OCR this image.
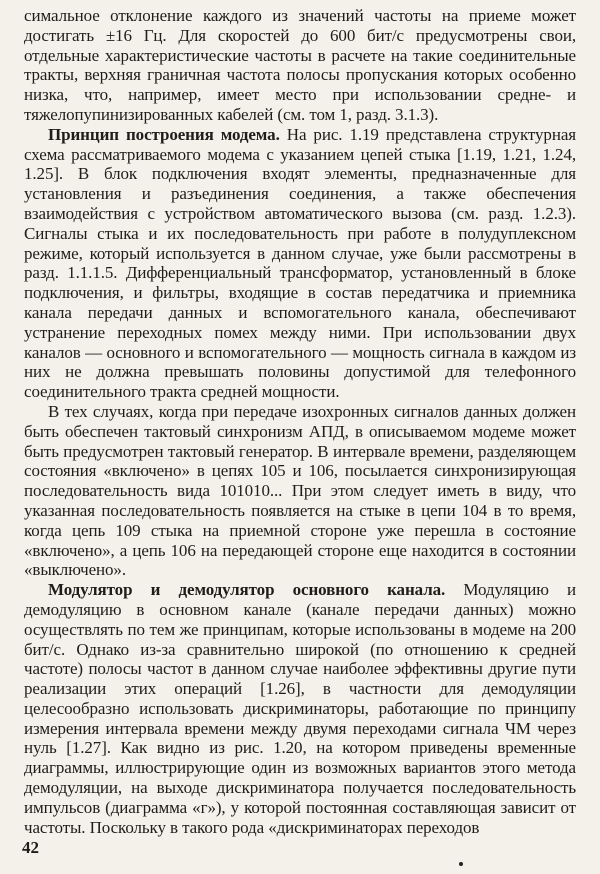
симальное отклонение каждого из значений частоты на приеме может достигать ±16 Гц. Для скоростей до 600 бит/с предусмотрены свои, отдельные характеристические частоты в расчете на такие соединительные тракты, верхняя граничная частота полосы пропускания которых особенно низка, что, например, имеет место при использовании средне- и тяжелопупинизированных кабелей (см. том 1, разд. 3.1.3).

Принцип построения модема. На рис. 1.19 представлена структурная схема рассматриваемого модема с указанием цепей стыка [1.19, 1.21, 1.24, 1.25]. В блок подключения входят элементы, предназначенные для установления и разъединения соединения, а также обеспечения взаимодействия с устройством автоматического вызова (см. разд. 1.2.3). Сигналы стыка и их последовательность при работе в полудуплексном режиме, который используется в данном случае, уже были рассмотрены в разд. 1.1.1.5. Дифференциальный трансформатор, установленный в блоке подключения, и фильтры, входящие в состав передатчика и приемника канала передачи данных и вспомогательного канала, обеспечивают устранение переходных помех между ними. При использовании двух каналов — основного и вспомогательного — мощность сигнала в каждом из них не должна превышать половины допустимой для телефонного соединительного тракта средней мощности.

В тех случаях, когда при передаче изохронных сигналов данных должен быть обеспечен тактовый синхронизм АПД, в описываемом модеме может быть предусмотрен тактовый генератор. В интервале времени, разделяющем состояния «включено» в цепях 105 и 106, посылается синхронизирующая последовательность вида 101010... При этом следует иметь в виду, что указанная последовательность появляется на стыке в цепи 104 в то время, когда цепь 109 стыка на приемной стороне уже перешла в состояние «включено», а цепь 106 на передающей стороне еще находится в состоянии «выключено».

Модулятор и демодулятор основного канала. Модуляцию и демодуляцию в основном канале (канале передачи данных) можно осуществлять по тем же принципам, которые использованы в модеме на 200 бит/с. Однако из-за сравнительно широкой (по отношению к средней частоте) полосы частот в данном случае наиболее эффективны другие пути реализации этих операций [1.26], в частности для демодуляции целесообразно использовать дискриминаторы, работающие по принципу измерения интервала времени между двумя переходами сигнала ЧМ через нуль [1.27]. Как видно из рис. 1.20, на котором приведены временные диаграммы, иллюстрирующие один из возможных вариантов этого метода демодуляции, на выходе дискриминатора получается последовательность импульсов (диаграмма «г»), у которой постоянная составляющая зависит от частоты. Поскольку в такого рода «дискриминаторах переходов

42
